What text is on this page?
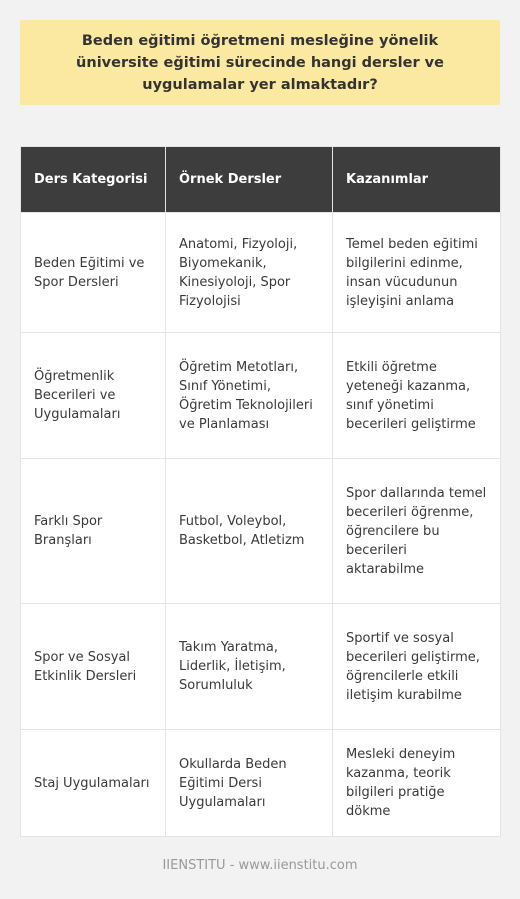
Beden eğitimi öğretmeni mesleğine yönelik üniversite eğitimi sürecinde hangi dersler ve uygulamalar yer almaktadır?
Ders Kategorisi	Örnek Dersler	Kazanımlar
Beden Eğitimi ve Spor Dersleri	Anatomi, Fizyoloji, Biyomekanik, Kinesiyoloji, Spor Fizyolojisi	Temel beden eğitimi bilgilerini edinme, insan vücudunun işleyişini anlama
Öğretmenlik Becerileri ve Uygulamaları	Öğretim Metotları, Sınıf Yönetimi, Öğretim Teknolojileri ve Planlaması	Etkili öğretme yeteneği kazanma, sınıf yönetimi becerileri geliştirme
Farklı Spor Branşları	Futbol, Voleybol, Basketbol, Atletizm	Spor dallarında temel becerileri öğrenme, öğrencilere bu becerileri aktarabilme
Spor ve Sosyal Etkinlik Dersleri	Takım Yaratma, Liderlik, İletişim, Sorumluluk	Sportif ve sosyal becerileri geliştirme, öğrencilerle etkili iletişim kurabilme
Staj Uygulamaları	Okullarda Beden Eğitimi Dersi Uygulamaları	Mesleki deneyim kazanma, teorik bilgileri pratiğe dökme
IIENSTITU - www.iienstitu.com
